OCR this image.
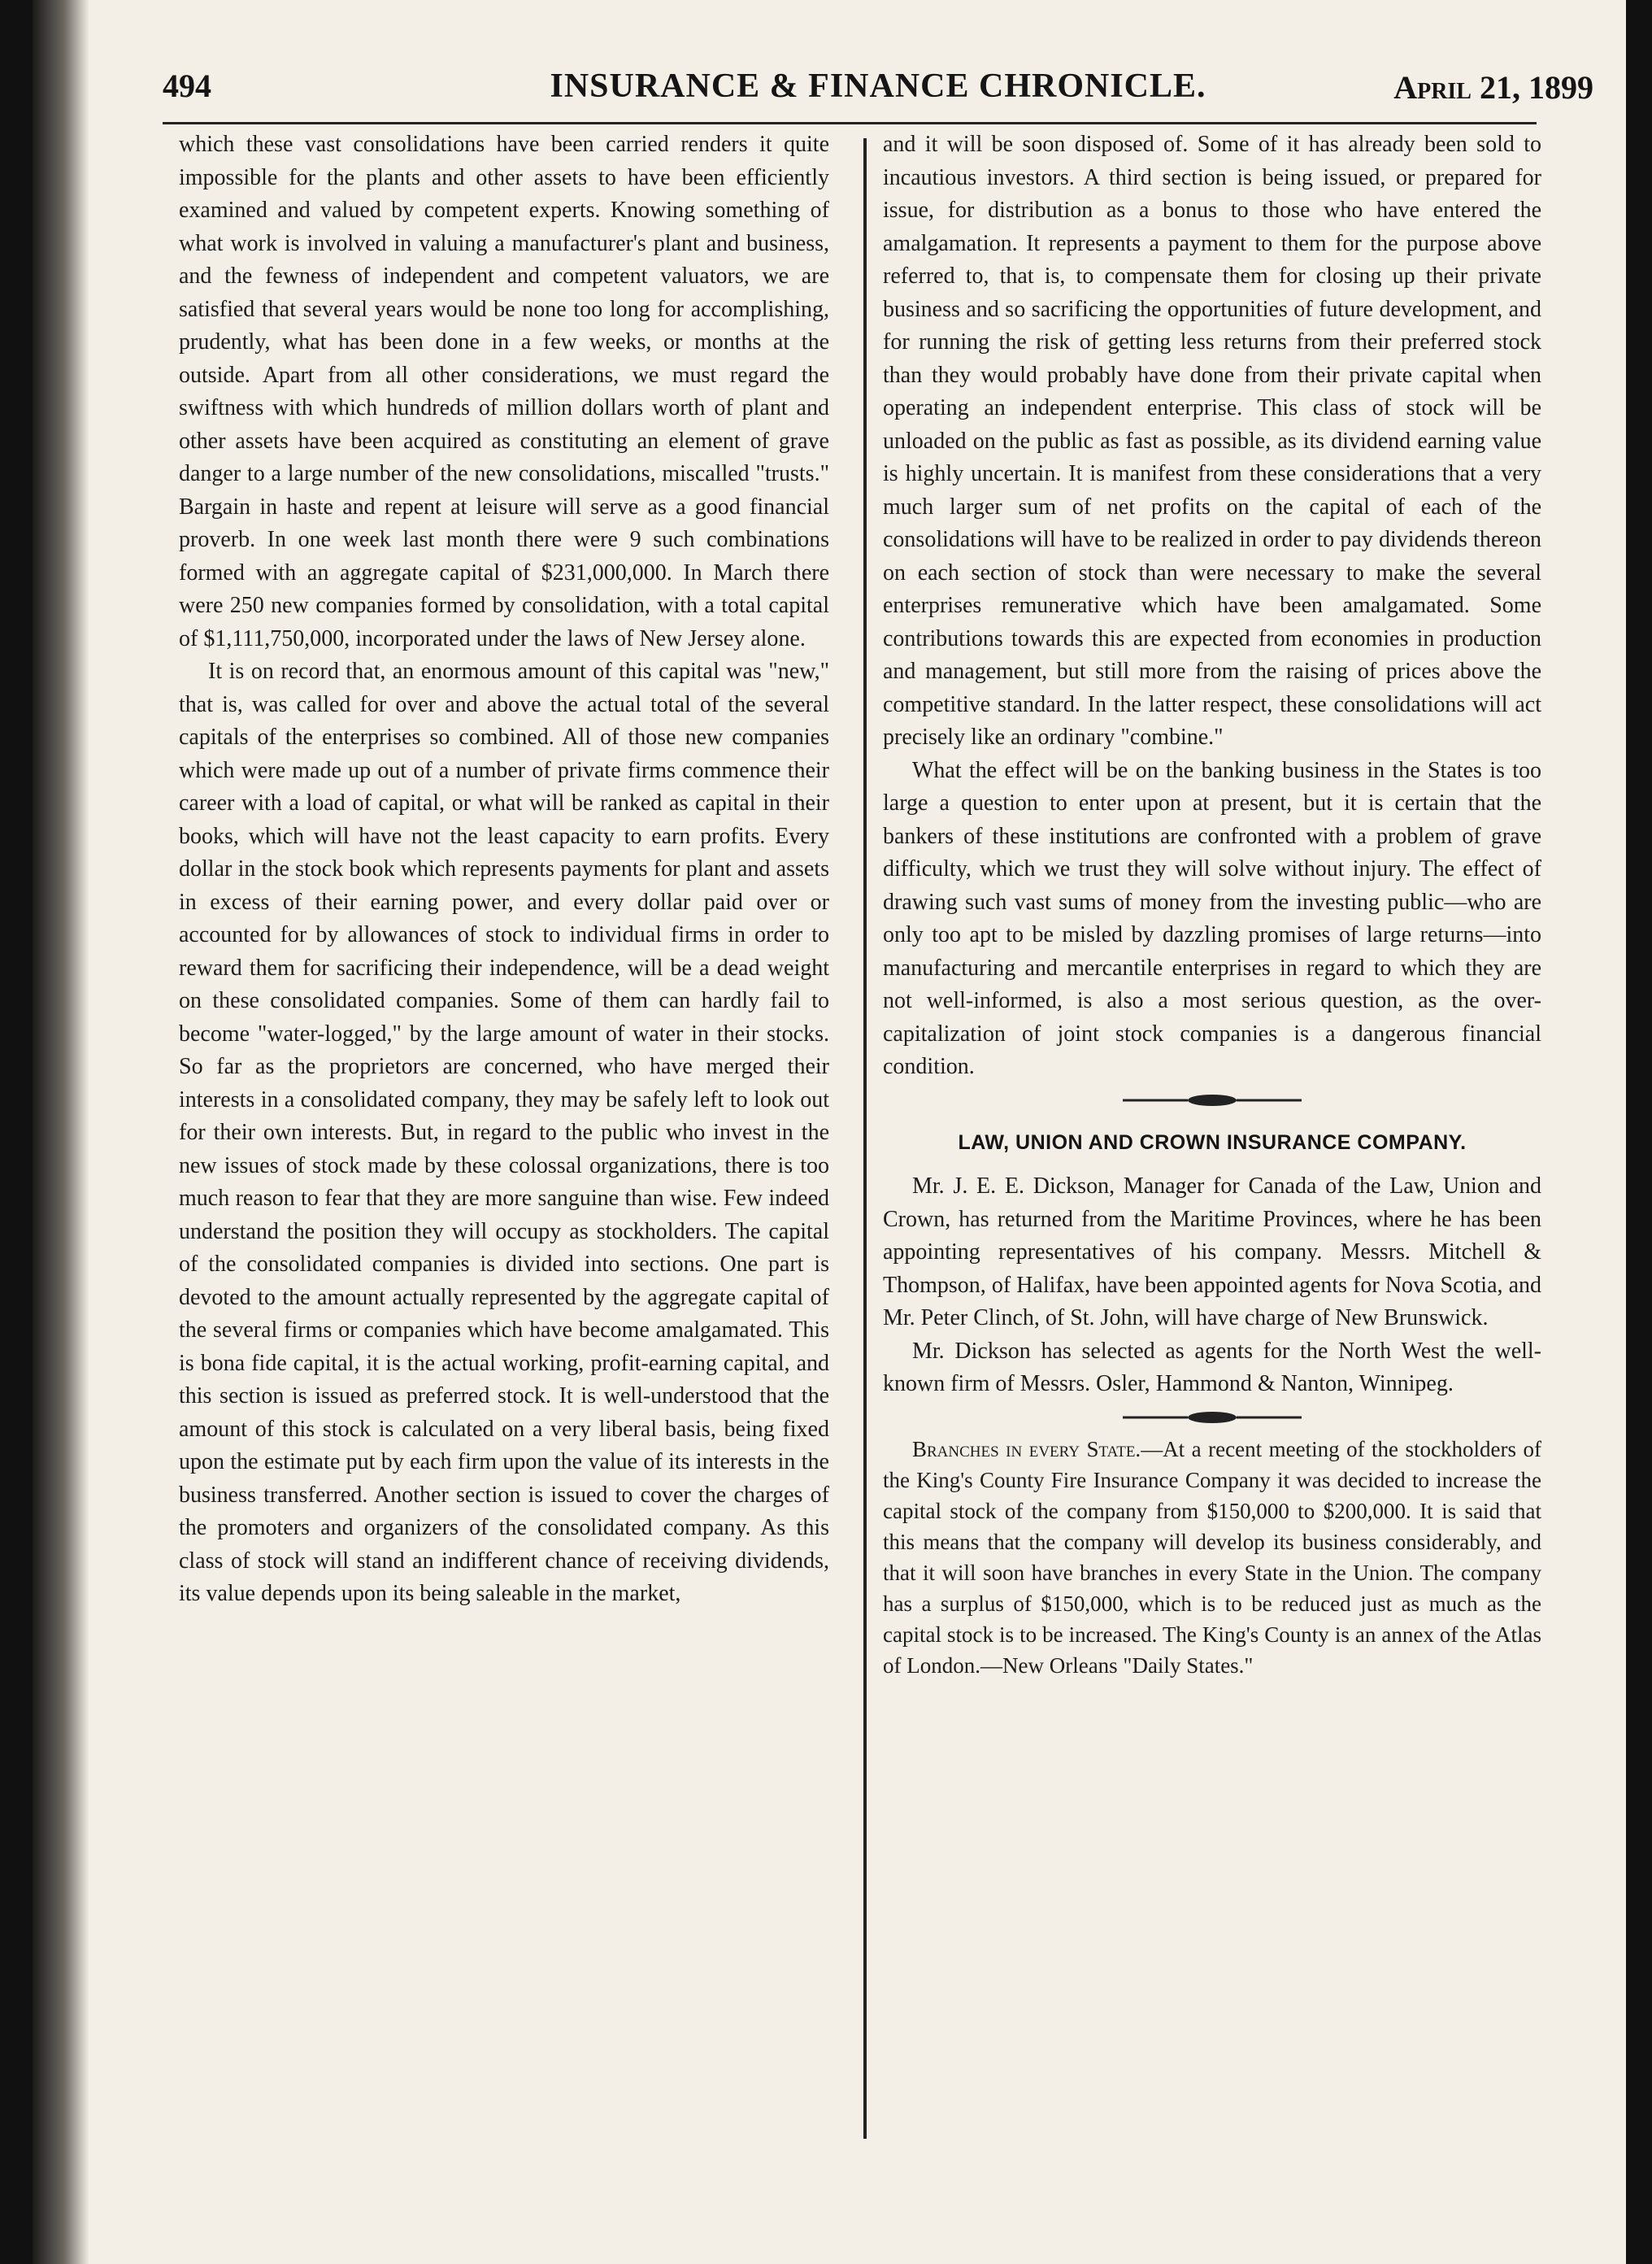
494	INSURANCE & FINANCE CHRONICLE.	April 21, 1899

which these vast consolidations have been carried renders it quite impossible for the plants and other assets to have been efficiently examined and valued by competent experts. Knowing something of what work is involved in valuing a manufacturer's plant and business, and the fewness of independent and competent valuators, we are satisfied that several years would be none too long for accomplishing, prudently, what has been done in a few weeks, or months at the outside. Apart from all other considerations, we must regard the swiftness with which hundreds of million dollars worth of plant and other assets have been acquired as constituting an element of grave danger to a large number of the new consolidations, miscalled "trusts." Bargain in haste and repent at leisure will serve as a good financial proverb. In one week last month there were 9 such combinations formed with an aggregate capital of $231,000,000. In March there were 250 new companies formed by consolidation, with a total capital of $1,111,750,000, incorporated under the laws of New Jersey alone.

It is on record that, an enormous amount of this capital was "new," that is, was called for over and above the actual total of the several capitals of the enterprises so combined. All of those new companies which were made up out of a number of private firms commence their career with a load of capital, or what will be ranked as capital in their books, which will have not the least capacity to earn profits. Every dollar in the stock book which represents payments for plant and assets in excess of their earning power, and every dollar paid over or accounted for by allowances of stock to individual firms in order to reward them for sacrificing their independence, will be a dead weight on these consolidated companies. Some of them can hardly fail to become "water-logged," by the large amount of water in their stocks. So far as the proprietors are concerned, who have merged their interests in a consolidated company, they may be safely left to look out for their own interests. But, in regard to the public who invest in the new issues of stock made by these colossal organizations, there is too much reason to fear that they are more sanguine than wise. Few indeed understand the position they will occupy as stockholders. The capital of the consolidated companies is divided into sections. One part is devoted to the amount actually represented by the aggregate capital of the several firms or companies which have become amalgamated. This is bona fide capital, it is the actual working, profit-earning capital, and this section is issued as preferred stock. It is well-understood that the amount of this stock is calculated on a very liberal basis, being fixed upon the estimate put by each firm upon the value of its interests in the business transferred. Another section is issued to cover the charges of the promoters and organizers of the consolidated company. As this class of stock will stand an indifferent chance of receiving dividends, its value depends upon its being saleable in the market,

and it will be soon disposed of. Some of it has already been sold to incautious investors. A third section is being issued, or prepared for issue, for distribution as a bonus to those who have entered the amalgamation. It represents a payment to them for the purpose above referred to, that is, to compensate them for closing up their private business and so sacrificing the opportunities of future development, and for running the risk of getting less returns from their preferred stock than they would probably have done from their private capital when operating an independent enterprise. This class of stock will be unloaded on the public as fast as possible, as its dividend earning value is highly uncertain. It is manifest from these considerations that a very much larger sum of net profits on the capital of each of the consolidations will have to be realized in order to pay dividends thereon on each section of stock than were necessary to make the several enterprises remunerative which have been amalgamated. Some contributions towards this are expected from economies in production and management, but still more from the raising of prices above the competitive standard. In the latter respect, these consolidations will act precisely like an ordinary "combine."

What the effect will be on the banking business in the States is too large a question to enter upon at present, but it is certain that the bankers of these institutions are confronted with a problem of grave difficulty, which we trust they will solve without injury. The effect of drawing such vast sums of money from the investing public—who are only too apt to be misled by dazzling promises of large returns—into manufacturing and mercantile enterprises in regard to which they are not well-informed, is also a most serious question, as the over-capitalization of joint stock companies is a dangerous financial condition.

LAW, UNION AND CROWN INSURANCE COMPANY.

Mr. J. E. E. Dickson, Manager for Canada of the Law, Union and Crown, has returned from the Maritime Provinces, where he has been appointing representatives of his company. Messrs. Mitchell & Thompson, of Halifax, have been appointed agents for Nova Scotia, and Mr. Peter Clinch, of St. John, will have charge of New Brunswick.

Mr. Dickson has selected as agents for the North West the well-known firm of Messrs. Osler, Hammond & Nanton, Winnipeg.

Branches in every State.—At a recent meeting of the stockholders of the King's County Fire Insurance Company it was decided to increase the capital stock of the company from $150,000 to $200,000. It is said that this means that the company will develop its business considerably, and that it will soon have branches in every State in the Union. The company has a surplus of $150,000, which is to be reduced just as much as the capital stock is to be increased. The King's County is an annex of the Atlas of London.—New Orleans "Daily States."
